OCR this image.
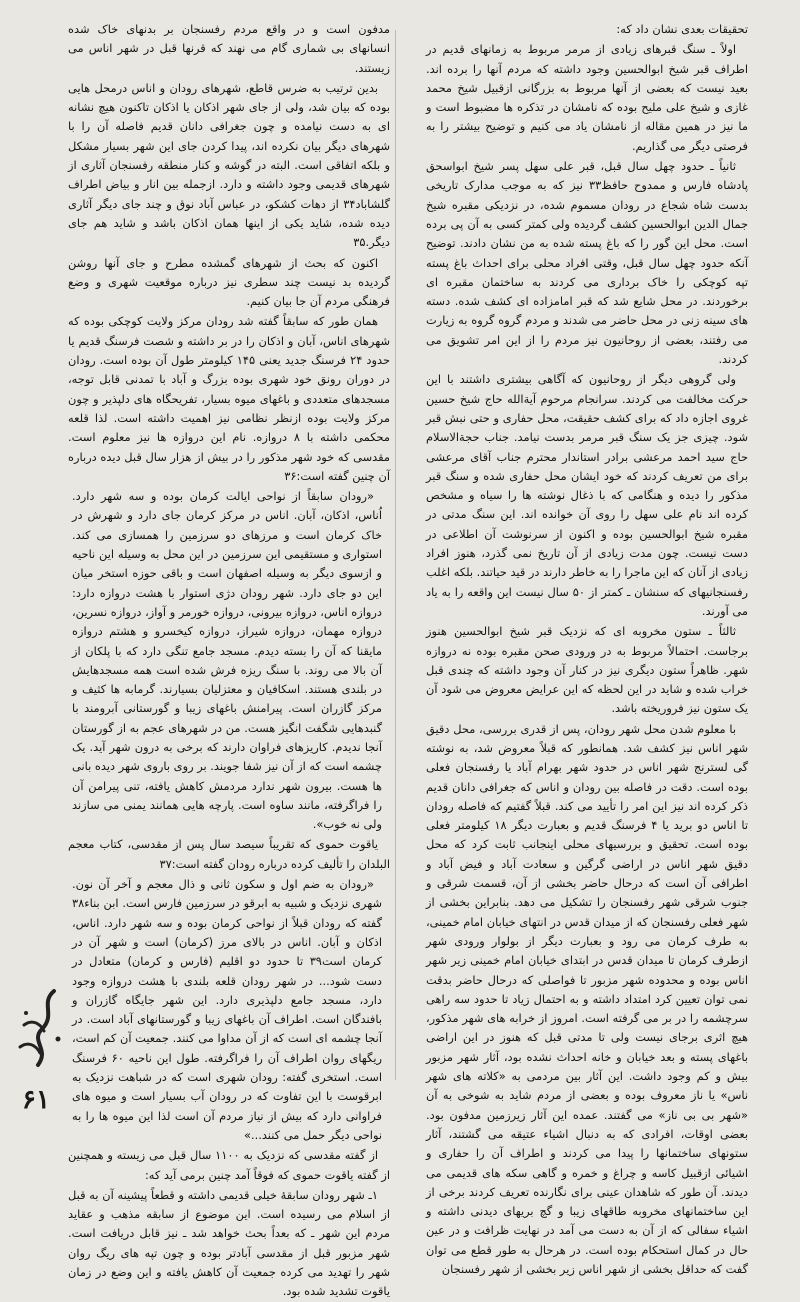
تحقیقات بعدی نشان داد که:

اولاً ـ سنگ قبرهای زیادی از مرمر مربوط به زمانهای قدیم در اطراف قبر شیخ ابوالحسین وجود داشته که مردم آنها را برده اند. بعید نیست که بعضی از آنها مربوط به بزرگانی ازقبیل شیخ محمد غازی و شیخ علی ملیح بوده که نامشان در تذکره ها مضبوط است و ما نیز در همین مقاله از نامشان یاد می کنیم و توضیح بیشتر را به فرصتی دیگر می گذاریم.

ثانیاً ـ حدود چهل سال قبل، قبر علی سهل پسر شیخ ابواسحق پادشاه فارس و ممدوح حافظ۳۳ نیز که به موجب مدارک تاریخی بدست شاه شجاع در رودان مسموم شده، در نزدیکی مقبره شیخ جمال الدین ابوالحسین کشف گردیده ولی کمتر کسی به آن پی برده است. محل این گور را که باغ پسته شده به من نشان دادند. توضیح آنکه حدود چهل سال قبل، وقتی افراد محلی برای احداث باغ پسته تپه کوچکی را خاک برداری می کردند به ساختمان مقبره ای برخوردند. در محل شایع شد که قبر امامزاده ای کشف شده. دسته های سینه زنی در محل حاضر می شدند و مردم گروه گروه به زیارت می رفتند، بعضی از روحانیون نیز مردم را از این امر تشویق می کردند.

ولی گروهی دیگر از روحانیون که آگاهی بیشتری داشتند با این حرکت مخالفت می کردند. سرانجام مرحوم آیةالله حاج شیخ حسین غروی اجازه داد که برای کشف حقیقت، محل حفاری و حتی نبش قبر شود. چیزی جز یک سنگ قبر مرمر بدست نیامد. جناب حجةالاسلام حاج سید احمد مرعشی برادر استاندار محترم جناب آقای مرعشی برای من تعریف کردند که خود ایشان محل حفاری شده و سنگ قبر مذکور را دیده و هنگامی که با ذغال نوشته ها را سیاه و مشخص کرده اند نام علی سهل را روی آن خوانده اند. این سنگ مدتی در مقبره شیخ ابوالحسین بوده و اکنون از سرنوشت آن اطلاعی در دست نیست. چون مدت زیادی از آن تاریخ نمی گذرد، هنوز افراد زیادی از آنان که این ماجرا را به خاطر دارند در قید حیاتند. بلکه اغلب رفسنجانیهای که سنشان ـ کمتر از ۵۰ سال نیست این واقعه را به یاد می آورند.

ثالثاً ـ ستون مخروبه ای که نزدیک قبر شیخ ابوالحسین هنوز برجاست. احتمالاً مربوط به در ورودی صحن مقبره بوده نه دروازه شهر. ظاهراً ستون دیگری نیز در کنار آن وجود داشته که چندی قبل خراب شده و شاید در این لحظه که این عرایض معروض می شود آن یک ستون نیز فروریخته باشد.

با معلوم شدن محل شهر رودان، پس از قدری بررسی، محل دقیق شهر اناس نیز کشف شد. همانطور که قبلاً معروض شد، به نوشته گی لسترنج شهر اناس در حدود شهر بهرام آباد یا رفسنجان فعلی بوده است. دقت در فاصله بین رودان و اناس که جغرافی دانان قدیم ذکر کرده اند نیز این امر را تأیید می کند. قبلاً گفتیم که فاصله رودان تا اناس دو برید یا ۴ فرسنگ قدیم و بعبارت دیگر ۱۸ کیلومتر فعلی بوده است. تحقیق و بررسیهای محلی اینجانب ثابت کرد که محل دقیق شهر اناس در اراضی گرگین و سعادت آباد و فیض آباد و اطرافی آن است که درحال حاضر بخشی از آن، قسمت شرقی و جنوب شرقی شهر رفسنجان را تشکیل می دهد. بنابراین بخشی از شهر فعلی رفسنجان که از میدان قدس در انتهای خیابان امام خمینی، به طرف کرمان می رود و بعبارت دیگر از بولوار ورودی شهر ازطرف کرمان تا میدان قدس در ابتدای خیابان امام خمینی زیر شهر اناس بوده و محدوده شهر مزبور تا فواصلی که درحال حاضر بدقت نمی توان تعیین کرد امتداد داشته و به احتمال زیاد تا حدود سه راهی سرچشمه را در بر می گرفته است. امروز از خرابه های شهر مذکور، هیچ اثری برجای نیست ولی تا مدتی قبل که هنوز در این اراضی باغهای پسته و بعد خیابان و خانه احداث نشده بود، آثار شهر مزبور بیش و کم وجود داشت. این آثار بین مردمی به «کلاته های شهر ناس» یا ناز معروف بوده و بعضی از مردم شاید به شوخی به آن «شهر بی بی ناز» می گفتند. عمده این آثار زیرزمین مدفون بود. بعضی اوقات، افرادی که به دنبال اشیاء عتیقه می گشتند، آثار ستونهای ساختمانها را پیدا می کردند و اطراف آن را حفاری و اشیائی ازقبیل کاسه و چراغ و خمره و گاهی سکه های قدیمی می دیدند. آن طور که شاهدان عینی برای نگارنده تعریف کردند برخی از این ساختمانهای مخروبه طاقهای زیبا و گچ بریهای دیدنی داشته و اشیاء سفالی که از آن به دست می آمد در نهایت ظرافت و در عین حال در کمال استحکام بوده است. در هرحال به طور قطع می توان گفت که حداقل بخشی از شهر اناس زیر بخشی از شهر رفسنجان

مدفون است و در واقع مردم رفسنجان بر بدنهای خاک شده انسانهای بی شماری گام می نهند که قرنها قبل در شهر اناس می زیستند.

بدین ترتیب به ضرس قاطع، شهرهای رودان و اناس درمحل هایی بوده که بیان شد، ولی از جای شهر اذکان یا اذکان تاکنون هیچ نشانه ای به دست نیامده و چون جغرافی دانان قدیم فاصله آن را با شهرهای دیگر بیان نکرده اند، پیدا کردن جای این شهر بسیار مشکل و بلکه اتفاقی است. البته در گوشه و کنار منطقه رفسنجان آثاری از شهرهای قدیمی وجود داشته و دارد. ازجمله بین انار و بیاض اطراف گلشاباد۳۴ از دهات کشکو، در عباس آباد نوق و چند جای دیگر آثاری دیده شده، شاید یکی از اینها همان اذکان باشد و شاید هم جای دیگر.۳۵

اکنون که بحث از شهرهای گمشده مطرح و جای آنها روشن گردیده بد نیست چند سطری نیز درباره موقعیت شهری و وضع فرهنگی مردم آن جا بیان کنیم.

همان طور که سابقاً گفته شد رودان مرکز ولایت کوچکی بوده که شهرهای اناس، آبان و اذکان را در بر داشته و شصت فرسنگ قدیم یا حدود ۲۴ فرسنگ جدید یعنی ۱۴۵ کیلومتر طول آن بوده است. رودان در دوران رونق خود شهری بوده بزرگ و آباد با تمدنی قابل توجه، مسجدهای متعددی و باغهای میوه بسیار، تفریحگاه های دلپذیر و چون مرکز ولایت بوده ازنظر نظامی نیز اهمیت داشته است. لذا قلعه محکمی داشته با ۸ دروازه. نام این دروازه ها نیز معلوم است. مقدسی که خود شهر مذکور را در بیش از هزار سال قبل دیده درباره آن چنین گفته است:۳۶

«رودان سابقاً از نواحی ایالت کرمان بوده و سه شهر دارد. اُناس، اذکان، آبان. اناس در مرکز کرمان جای دارد و شهرش در خاک کرمان است و مرزهای دو سرزمین را همسازی می کند. استواری و مستقیمی این سرزمین در این محل به وسیله این ناحیه و ازسوی دیگر به وسیله اصفهان است و باقی حوزه استخر میان این دو جای دارد. شهر رودان دژی استوار با هشت دروازه دارد: دروازه اناس، دروازه بیرونی، دروازه خورمر و آواز، دروازه نسرین، دروازه مهمان، دروازه شیراز، دروازه کیخسرو و هشتم دروازه مایقنا که آن را بسته دیدم. مسجد جامع تنگی دارد که با پلکان از آن بالا می روند. با سنگ ریزه فرش شده است همه مسجدهایش در بلندی هستند. اسکافیان و معتزلیان بسیارند. گرمابه ها کثیف و مرکز گازران است. پیرامنش باغهای زیبا و گورستانی آبرومند با گنبدهایی شگفت انگیز هست. من در شهرهای عجم به از گورستان آنجا ندیدم. کاریزهای فراوان دارند که برخی به درون شهر آید. یک چشمه است که از آن نیز شفا جویند. بر روی باروی شهر دیده بانی ها هست. بیرون شهر ندارد مردمش کاهش یافته، تنی پیرامن آن را فراگرفته، مانند ساوه است. پارچه هایی همانند یمنی می سازند ولی نه خوب».

یاقوت حموی که تقریباً سیصد سال پس از مقدسی، کتاب معجم البلدان را تألیف کرده درباره رودان گفته است:۳۷

«رودان به ضم اول و سکون ثانی و ذال معجم و آخر آن نون. شهری نزدیک و شبیه به ابرقو در سرزمین فارس است. ابن بناء۳۸ گفته که رودان قبلاً از نواحی کرمان بوده و سه شهر دارد. اناس، اذکان و آبان. اناس در بالای مرز (کرمان) است و شهر آن در کرمان است۳۹ تا حدود دو اقلیم (فارس و کرمان) متعادل در دست شود... در شهر رودان قلعه بلندی با هشت دروازه وجود دارد، مسجد جامع دلپذیری دارد. این شهر جایگاه گازران و بافندگان است. اطراف آن باغهای زیبا و گورستانهای آباد است. در آنجا چشمه ای است که از آن مداوا می کنند. جمعیت آن کم است، ریگهای روان اطراف آن را فراگرفته. طول این ناحیه ۶۰ فرسنگ است. استخری گفته: رودان شهری است که در شباهت نزدیک به ابرقوست با این تفاوت که در رودان آب بسیار است و میوه های فراوانی دارد که بیش از نیاز مردم آن است لذا این میوه ها را به نواحی دیگر حمل می کنند...»

از گفته مقدسی که نزدیک به ۱۱۰۰ سال قبل می زیسته و همچنین از گفته یاقوت حموی که فوقاً آمد چنین برمی آید که:

۱ـ شهر رودان سابقهٔ خیلی قدیمی داشته و قطعاً پیشینه آن به قبل از اسلام می رسیده است. این موضوع از سابقه مذهب و عقاید مردم این شهر ـ که بعداً بحث خواهد شد ـ نیز قابل دریافت است. شهر مزبور قبل از مقدسی آبادتر بوده و چون تپه های ریگ روان شهر را تهدید می کرده جمعیت آن کاهش یافته و این وضع در زمان یاقوت تشدید شده بود.

۶۱
